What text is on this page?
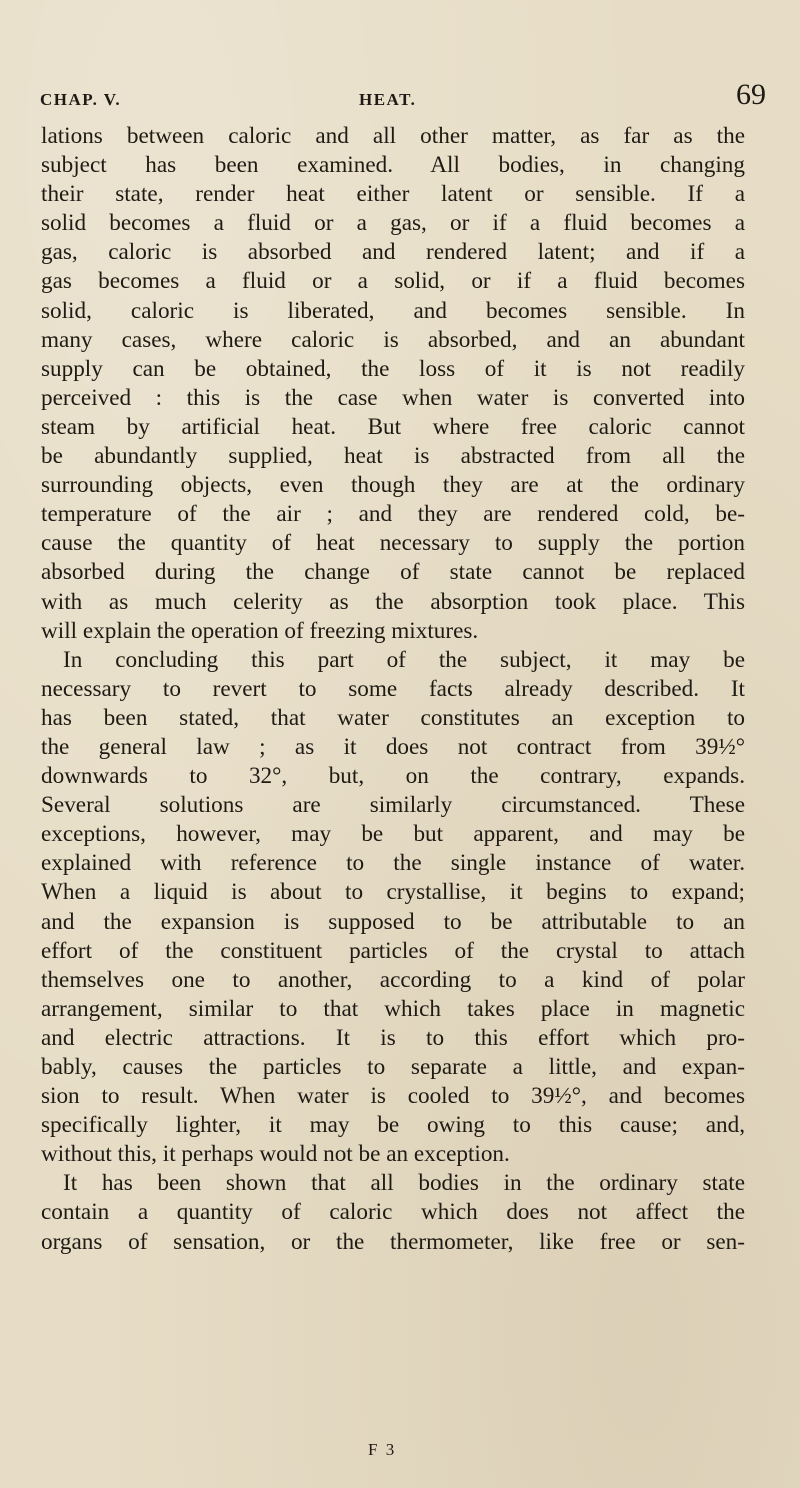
CHAP. V.	HEAT.	69
lations between caloric and all other matter, as far as the
subject has been examined. All bodies, in changing
their state, render heat either latent or sensible. If a
solid becomes a fluid or a gas, or if a fluid becomes a
gas, caloric is absorbed and rendered latent; and if a
gas becomes a fluid or a solid, or if a fluid becomes
solid, caloric is liberated, and becomes sensible. In
many cases, where caloric is absorbed, and an abundant
supply can be obtained, the loss of it is not readily
perceived : this is the case when water is converted into
steam by artificial heat. But where free caloric cannot
be abundantly supplied, heat is abstracted from all the
surrounding objects, even though they are at the ordinary
temperature of the air ; and they are rendered cold, be-
cause the quantity of heat necessary to supply the portion
absorbed during the change of state cannot be replaced
with as much celerity as the absorption took place. This
will explain the operation of freezing mixtures.
In concluding this part of the subject, it may be
necessary to revert to some facts already described. It
has been stated, that water constitutes an exception to
the general law ; as it does not contract from 39½°
downwards to 32°, but, on the contrary, expands.
Several solutions are similarly circumstanced. These
exceptions, however, may be but apparent, and may be
explained with reference to the single instance of water.
When a liquid is about to crystallise, it begins to expand;
and the expansion is supposed to be attributable to an
effort of the constituent particles of the crystal to attach
themselves one to another, according to a kind of polar
arrangement, similar to that which takes place in magnetic
and electric attractions. It is to this effort which pro-
bably, causes the particles to separate a little, and expan-
sion to result. When water is cooled to 39½°, and becomes
specifically lighter, it may be owing to this cause; and,
without this, it perhaps would not be an exception.
It has been shown that all bodies in the ordinary state
contain a quantity of caloric which does not affect the
organs of sensation, or the thermometer, like free or sen-
F 3
